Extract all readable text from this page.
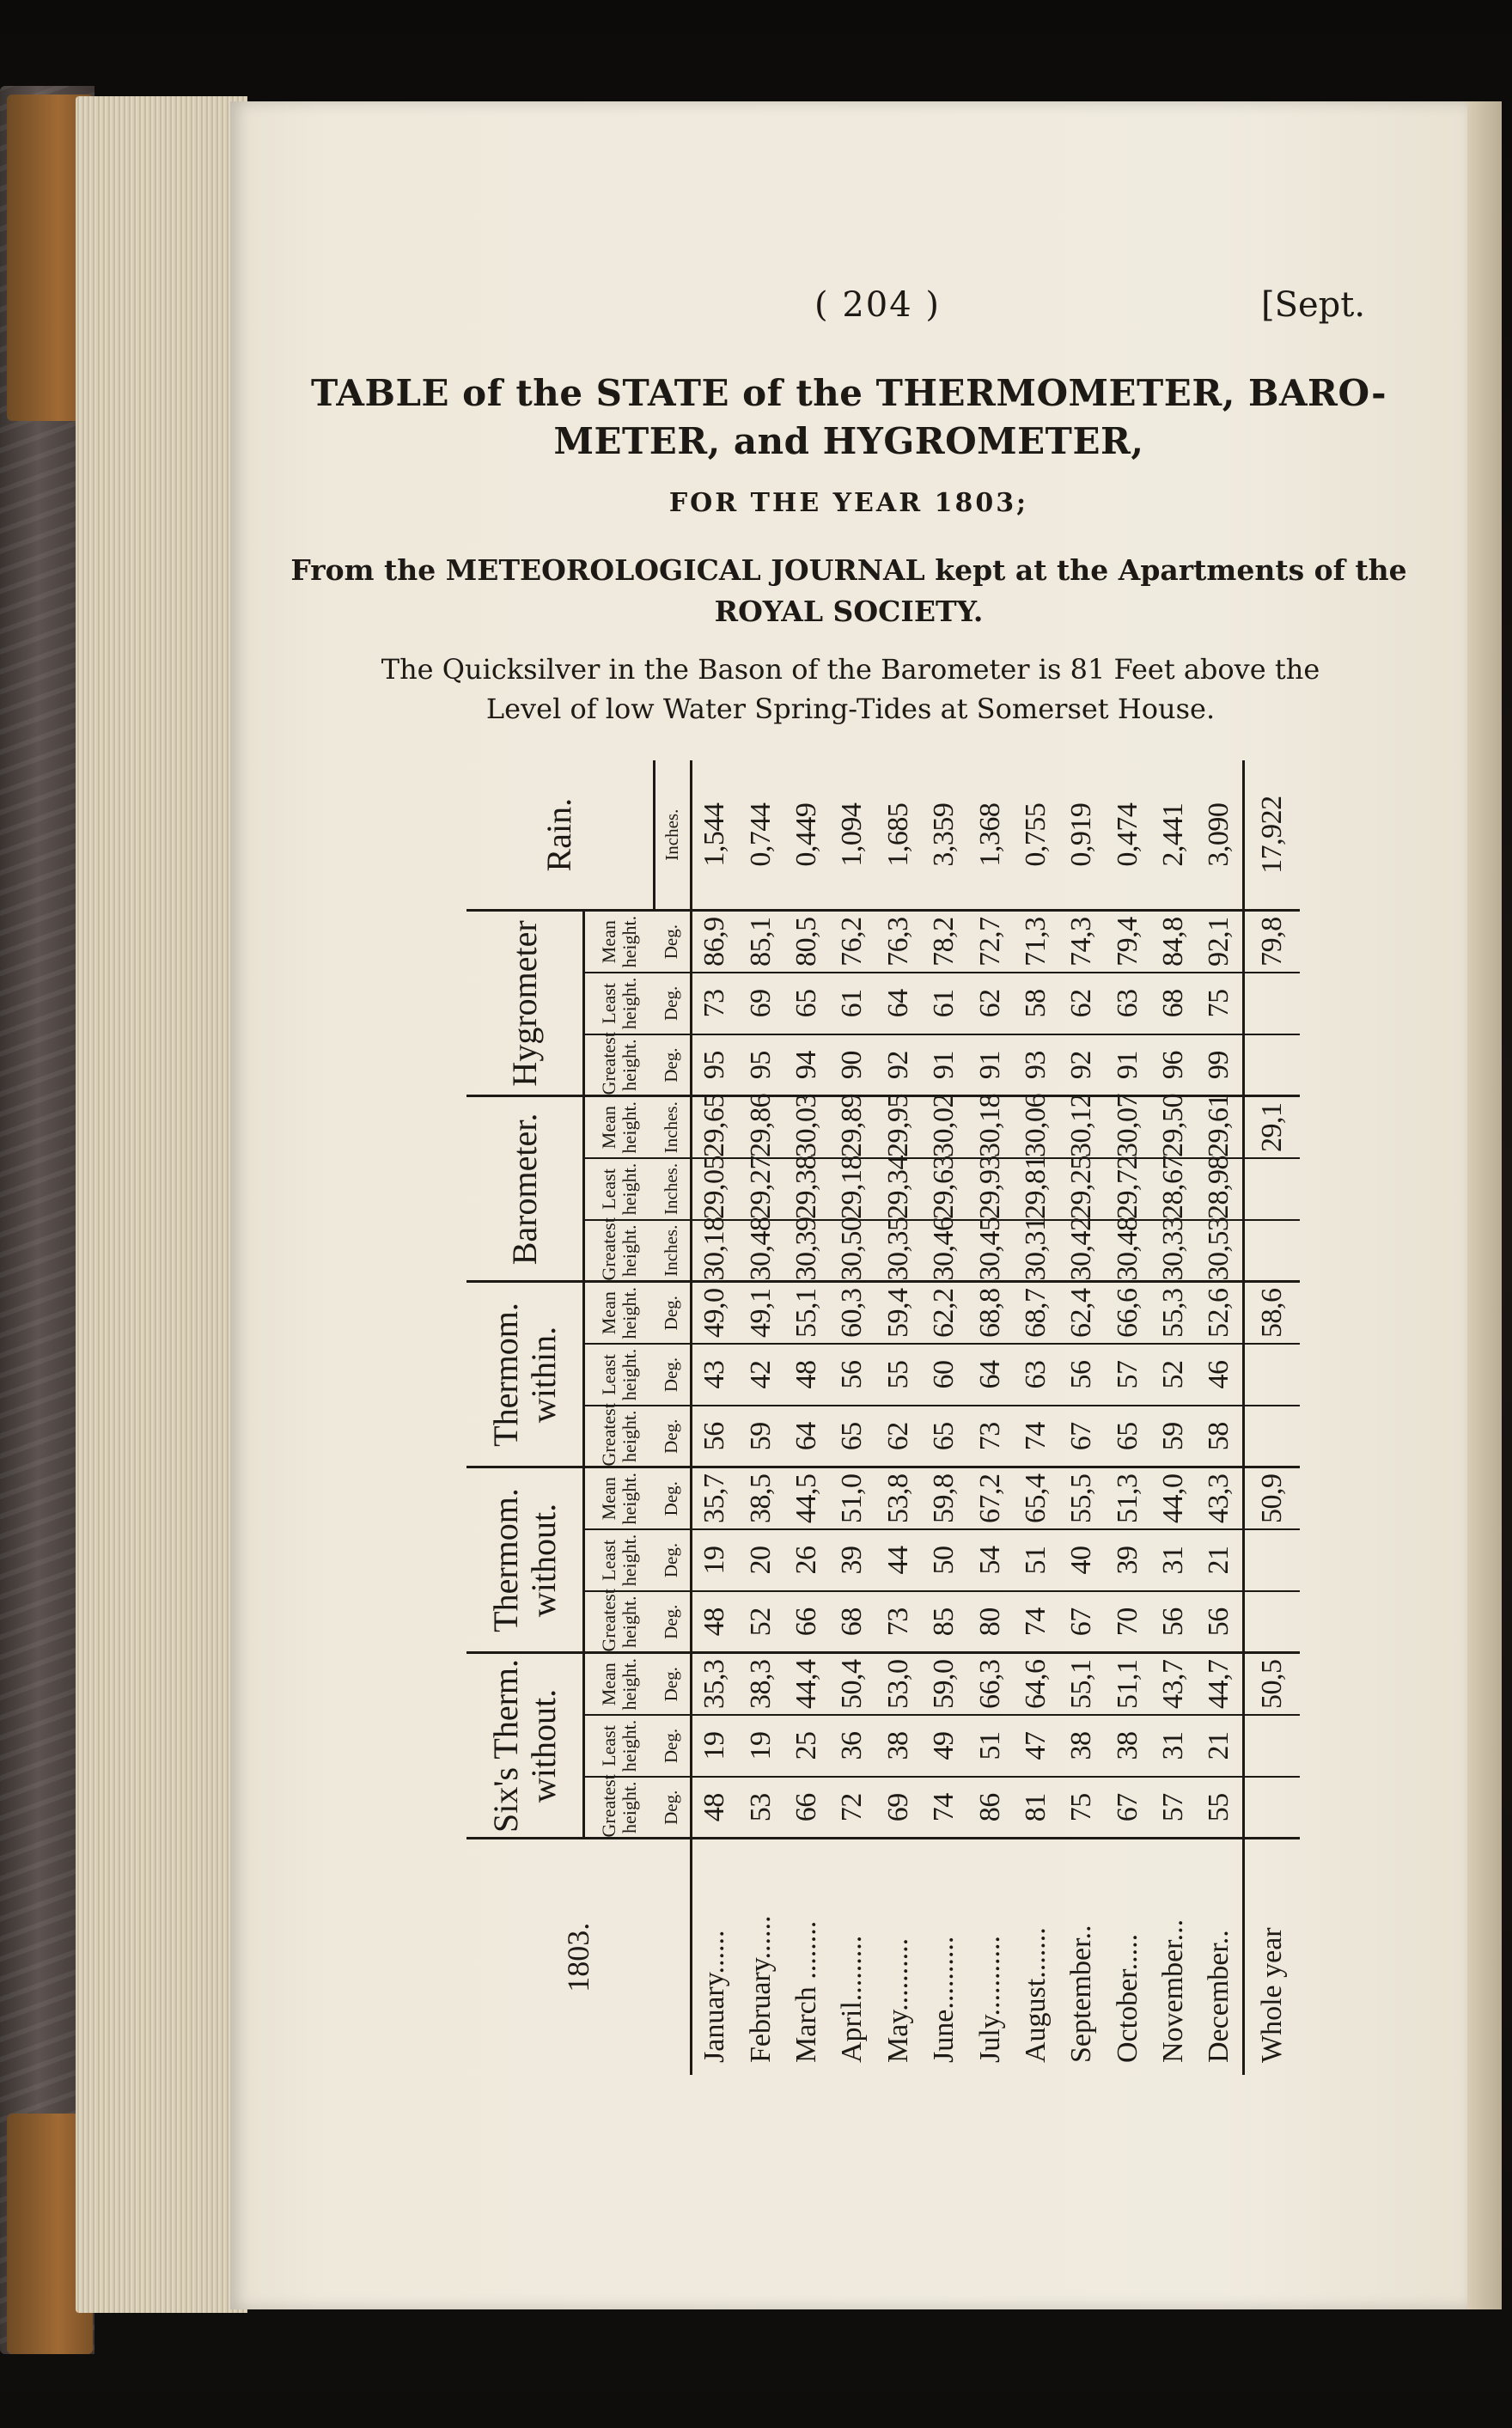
( 204 )	[Sept.
TABLE of the STATE of the THERMOMETER, BARO-
METER, and HYGROMETER,
FOR THE YEAR 1803;
From the METEOROLOGICAL JOURNAL kept at the Apartments of the
ROYAL SOCIETY.
The Quicksilver in the Bason of the Barometer is 81 Feet above the
Level of low Water Spring-Tides at Somerset House.
1803.	Six's Therm. without.			Thermom. without.			Thermom. within.			Barometer.			Hygrometer			Rain.
	Greatest height.	Least height.	Mean height.	Greatest height.	Least height.	Mean height.	Greatest height.	Least height.	Mean height.	Greatest height.	Least height.	Mean height.	Greatest height.	Least height.	Mean height.	
	Deg.	Deg.	Deg.	Deg.	Deg.	Deg.	Deg.	Deg.	Deg.	Inches.	Inches.	Inches.	Deg.	Deg.	Deg.	Inches.
January......	48	19	35,3	48	19	35,7	56	43	49,0	30,18	29,05	29,65	95	73	86,9	1,544
February......	53	19	38,3	52	20	38,5	59	42	49,1	30,48	29,27	29,86	95	69	85,1	0,744
March ........	66	25	44,4	66	26	44,5	64	48	55,1	30,39	29,38	30,03	94	65	80,5	0,449
April.........	72	36	50,4	68	39	51,0	65	56	60,3	30,50	29,18	29,89	90	61	76,2	1,094
May..........	69	38	53,0	73	44	53,8	62	55	59,4	30,35	29,34	29,95	92	64	76,3	1,685
June..........	74	49	59,0	85	50	59,8	65	60	62,2	30,46	29,63	30,02	91	61	78,2	3,359
July...........	86	51	66,3	80	54	67,2	73	64	68,8	30,45	29,93	30,18	91	62	72,7	1,368
August.......	81	47	64,6	74	51	65,4	74	63	68,7	30,31	29,81	30,06	93	58	71,3	0,755
September..	75	38	55,1	67	40	55,5	67	56	62,4	30,42	29,25	30,12	92	62	74,3	0,919
October.....	67	38	51,1	70	39	51,3	65	57	66,6	30,48	29,72	30,07	91	63	79,4	0,474
November...	57	31	43,7	56	31	44,0	59	52	55,3	30,33	28,67	29,50	96	68	84,8	2,441
December..	55	21	44,7	56	21	43,3	58	46	52,6	30,53	28,98	29,61	99	75	92,1	3,090
Whole year			50,5			50,9			58,6			29,1			79,8	17,922
